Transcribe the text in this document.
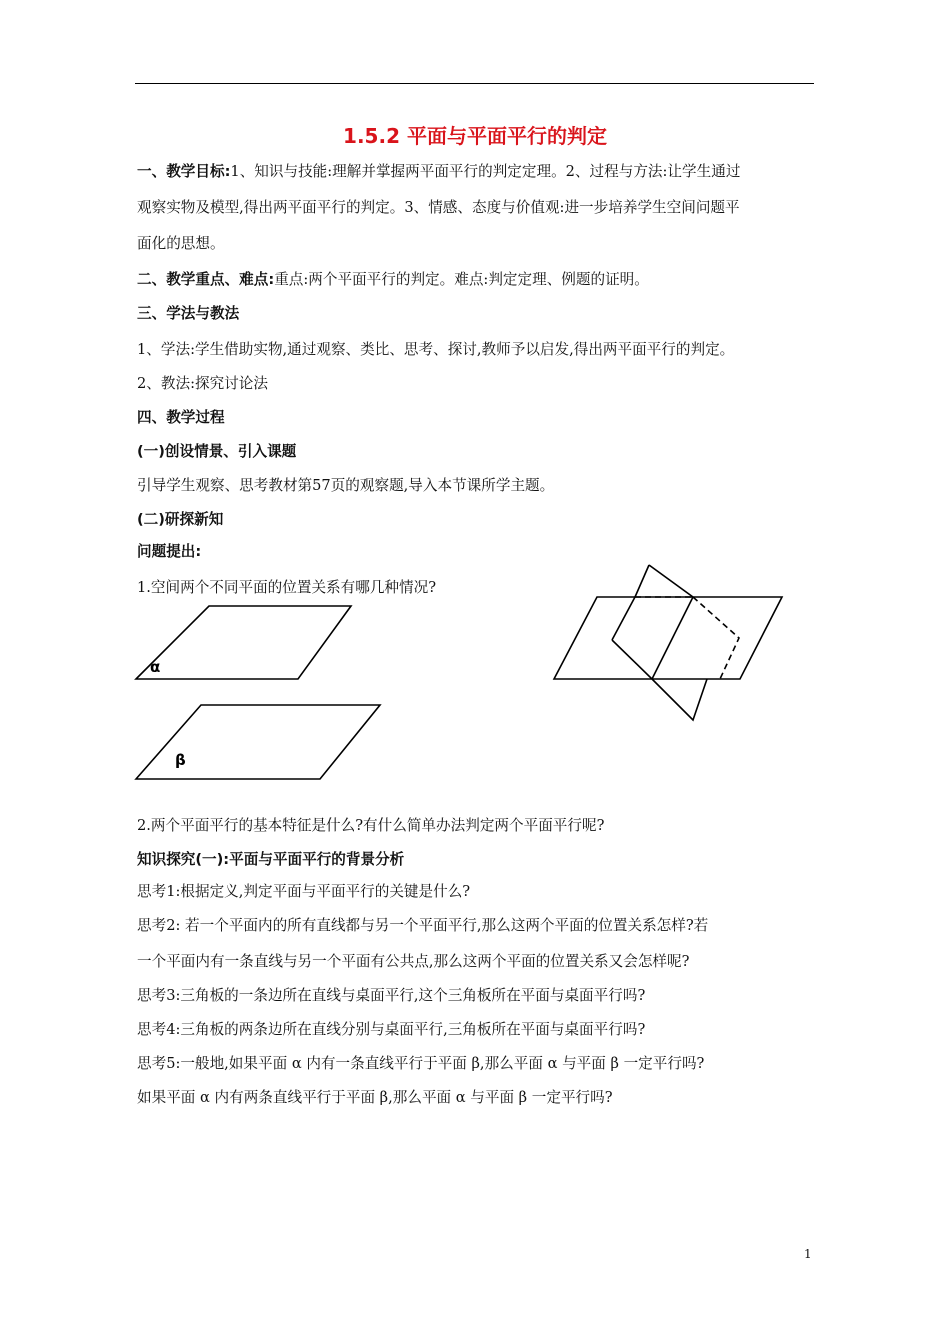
1.5.2 平面与平面平行的判定
一、教学目标:1、知识与技能:理解并掌握两平面平行的判定定理。2、过程与方法:让学生通过
观察实物及模型,得出两平面平行的判定。3、情感、态度与价值观:进一步培养学生空间问题平
面化的思想。
二、教学重点、难点:重点:两个平面平行的判定。难点:判定定理、例题的证明。
三、学法与教法
1、学法:学生借助实物,通过观察、类比、思考、探讨,教师予以启发,得出两平面平行的判定。
2、教法:探究讨论法
四、教学过程
(一)创设情景、引入课题
引导学生观察、思考教材第57页的观察题,导入本节课所学主题。
(二)研探新知
问题提出:
1.空间两个不同平面的位置关系有哪几种情况?
2.两个平面平行的基本特征是什么?有什么简单办法判定两个平面平行呢?
知识探究(一):平面与平面平行的背景分析
思考1:根据定义,判定平面与平面平行的关键是什么?
思考2: 若一个平面内的所有直线都与另一个平面平行,那么这两个平面的位置关系怎样?若
一个平面内有一条直线与另一个平面有公共点,那么这两个平面的位置关系又会怎样呢?
思考3:三角板的一条边所在直线与桌面平行,这个三角板所在平面与桌面平行吗?
思考4:三角板的两条边所在直线分别与桌面平行,三角板所在平面与桌面平行吗?
思考5:一般地,如果平面 α 内有一条直线平行于平面 β,那么平面 α 与平面 β 一定平行吗?
如果平面 α 内有两条直线平行于平面 β,那么平面 α 与平面 β 一定平行吗?
α
β
1
